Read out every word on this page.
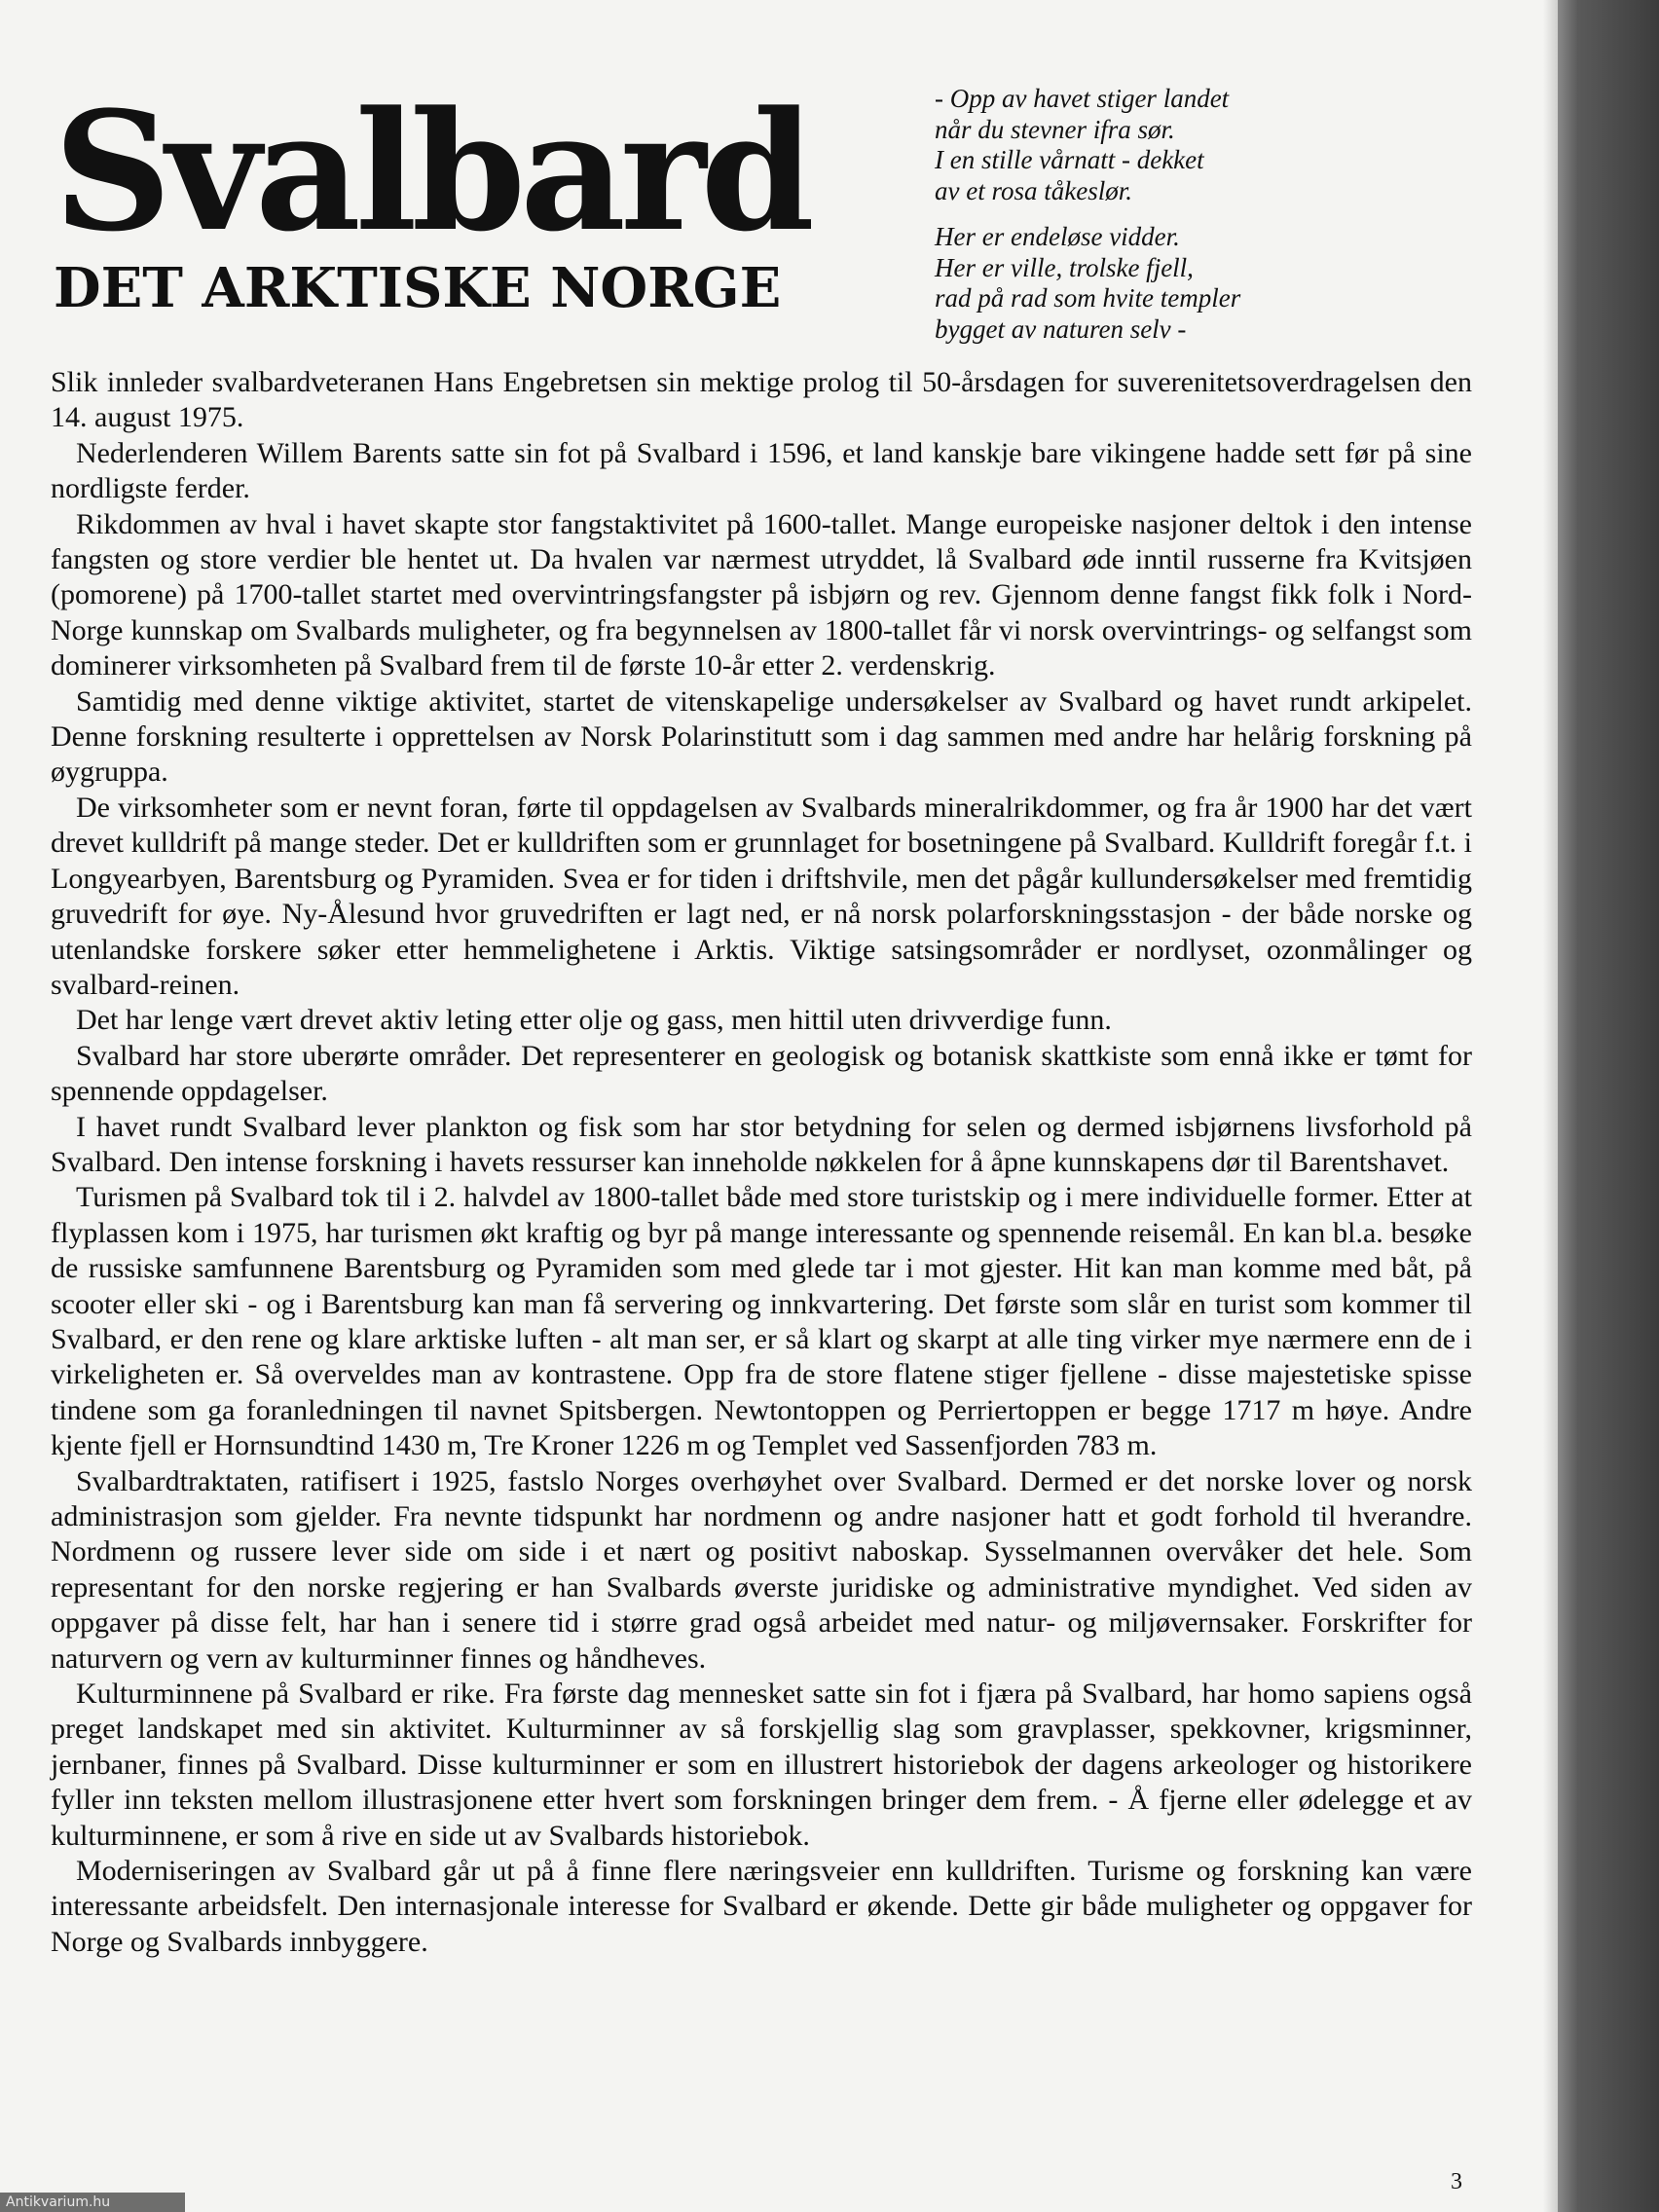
Svalbard
DET ARKTISKE NORGE
- Opp av havet stiger landet
når du stevner ifra sør.
I en stille vårnatt - dekket
av et rosa tåkeslør.
Her er endeløse vidder.
Her er ville, trolske fjell,
rad på rad som hvite templer
bygget av naturen selv -

Slik innleder svalbardveteranen Hans Engebretsen sin mektige prolog til 50-årsdagen for suverenitetsoverdragelsen den 14. august 1975.

Nederlenderen Willem Barents satte sin fot på Svalbard i 1596, et land kanskje bare vikingene hadde sett før på sine nordligste ferder.

Rikdommen av hval i havet skapte stor fangstaktivitet på 1600-tallet. Mange europeiske nasjoner deltok i den intense fangsten og store verdier ble hentet ut. Da hvalen var nærmest utryddet, lå Svalbard øde inntil russerne fra Kvitsjøen (pomorene) på 1700-tallet startet med overvintringsfangster på isbjørn og rev. Gjennom denne fangst fikk folk i Nord-Norge kunnskap om Svalbards muligheter, og fra begynnelsen av 1800-tallet får vi norsk overvintrings- og selfangst som dominerer virksomheten på Svalbard frem til de første 10-år etter 2. verdenskrig.

Samtidig med denne viktige aktivitet, startet de vitenskapelige undersøkelser av Svalbard og havet rundt arkipelet. Denne forskning resulterte i opprettelsen av Norsk Polarinstitutt som i dag sammen med andre har helårig forskning på øygruppa.

De virksomheter som er nevnt foran, førte til oppdagelsen av Svalbards mineralrikdommer, og fra år 1900 har det vært drevet kulldrift på mange steder. Det er kulldriften som er grunnlaget for bosetningene på Svalbard. Kulldrift foregår f.t. i Longyearbyen, Barentsburg og Pyramiden. Svea er for tiden i driftshvile, men det pågår kullundersøkelser med fremtidig gruvedrift for øye. Ny-Ålesund hvor gruvedriften er lagt ned, er nå norsk polarforskningsstasjon - der både norske og utenlandske forskere søker etter hemmelighetene i Arktis. Viktige satsingsområder er nordlyset, ozonmålinger og svalbard-reinen.

Det har lenge vært drevet aktiv leting etter olje og gass, men hittil uten drivverdige funn.

Svalbard har store uberørte områder. Det representerer en geologisk og botanisk skattkiste som ennå ikke er tømt for spennende oppdagelser.

I havet rundt Svalbard lever plankton og fisk som har stor betydning for selen og dermed isbjørnens livsforhold på Svalbard. Den intense forskning i havets ressurser kan inneholde nøkkelen for å åpne kunnskapens dør til Barentshavet.

Turismen på Svalbard tok til i 2. halvdel av 1800-tallet både med store turistskip og i mere individuelle former. Etter at flyplassen kom i 1975, har turismen økt kraftig og byr på mange interessante og spennende reisemål. En kan bl.a. besøke de russiske samfunnene Barentsburg og Pyramiden som med glede tar i mot gjester. Hit kan man komme med båt, på scooter eller ski - og i Barentsburg kan man få servering og innkvartering. Det første som slår en turist som kommer til Svalbard, er den rene og klare arktiske luften - alt man ser, er så klart og skarpt at alle ting virker mye nærmere enn de i virkeligheten er. Så overveldes man av kontrastene. Opp fra de store flatene stiger fjellene - disse majestetiske spisse tindene som ga foranledningen til navnet Spitsbergen. Newtontoppen og Perriertoppen er begge 1717 m høye. Andre kjente fjell er Hornsundtind 1430 m, Tre Kroner 1226 m og Templet ved Sassenfjorden 783 m.

Svalbardtraktaten, ratifisert i 1925, fastslo Norges overhøyhet over Svalbard. Dermed er det norske lover og norsk administrasjon som gjelder. Fra nevnte tidspunkt har nordmenn og andre nasjoner hatt et godt forhold til hverandre. Nordmenn og russere lever side om side i et nært og positivt naboskap. Sysselmannen overvåker det hele. Som representant for den norske regjering er han Svalbards øverste juridiske og administrative myndighet. Ved siden av oppgaver på disse felt, har han i senere tid i større grad også arbeidet med natur- og miljøvernsaker. Forskrifter for naturvern og vern av kulturminner finnes og håndheves.

Kulturminnene på Svalbard er rike. Fra første dag mennesket satte sin fot i fjæra på Svalbard, har homo sapiens også preget landskapet med sin aktivitet. Kulturminner av så forskjellig slag som gravplasser, spekkovner, krigsminner, jernbaner, finnes på Svalbard. Disse kulturminner er som en illustrert historiebok der dagens arkeologer og historikere fyller inn teksten mellom illustrasjonene etter hvert som forskningen bringer dem frem. - Å fjerne eller ødelegge et av kulturminnene, er som å rive en side ut av Svalbards historiebok.

Moderniseringen av Svalbard går ut på å finne flere næringsveier enn kulldriften. Turisme og forskning kan være interessante arbeidsfelt. Den internasjonale interesse for Svalbard er økende. Dette gir både muligheter og oppgaver for Norge og Svalbards innbyggere.

3
Antikvarium.hu
